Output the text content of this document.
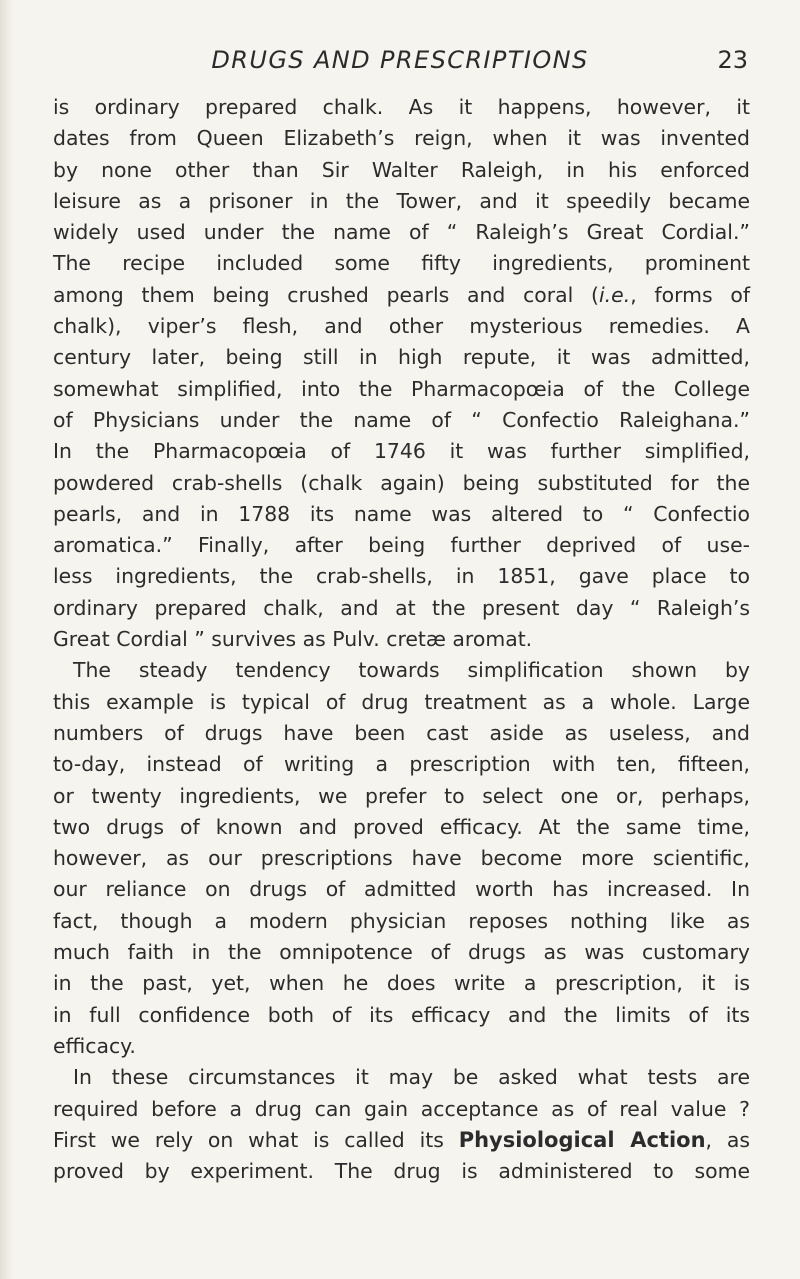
DRUGS AND PRESCRIPTIONS	23
is ordinary prepared chalk. As it happens, however, it
dates from Queen Elizabeth’s reign, when it was invented
by none other than Sir Walter Raleigh, in his enforced
leisure as a prisoner in the Tower, and it speedily became
widely used under the name of “ Raleigh’s Great Cordial.”
The recipe included some fifty ingredients, prominent
among them being crushed pearls and coral (i.e., forms of
chalk), viper’s flesh, and other mysterious remedies. A
century later, being still in high repute, it was admitted,
somewhat simplified, into the Pharmacopœia of the College
of Physicians under the name of “ Confectio Raleighana.”
In the Pharmacopœia of 1746 it was further simplified,
powdered crab-shells (chalk again) being substituted for the
pearls, and in 1788 its name was altered to “ Confectio
aromatica.” Finally, after being further deprived of use-
less ingredients, the crab-shells, in 1851, gave place to
ordinary prepared chalk, and at the present day “ Raleigh’s
Great Cordial ” survives as Pulv. cretæ aromat.
The steady tendency towards simplification shown by
this example is typical of drug treatment as a whole. Large
numbers of drugs have been cast aside as useless, and
to-day, instead of writing a prescription with ten, fifteen,
or twenty ingredients, we prefer to select one or, perhaps,
two drugs of known and proved efficacy. At the same time,
however, as our prescriptions have become more scientific,
our reliance on drugs of admitted worth has increased. In
fact, though a modern physician reposes nothing like as
much faith in the omnipotence of drugs as was customary
in the past, yet, when he does write a prescription, it is
in full confidence both of its efficacy and the limits of its
efficacy.
In these circumstances it may be asked what tests are
required before a drug can gain acceptance as of real value ?
First we rely on what is called its Physiological Action, as
proved by experiment. The drug is administered to some
